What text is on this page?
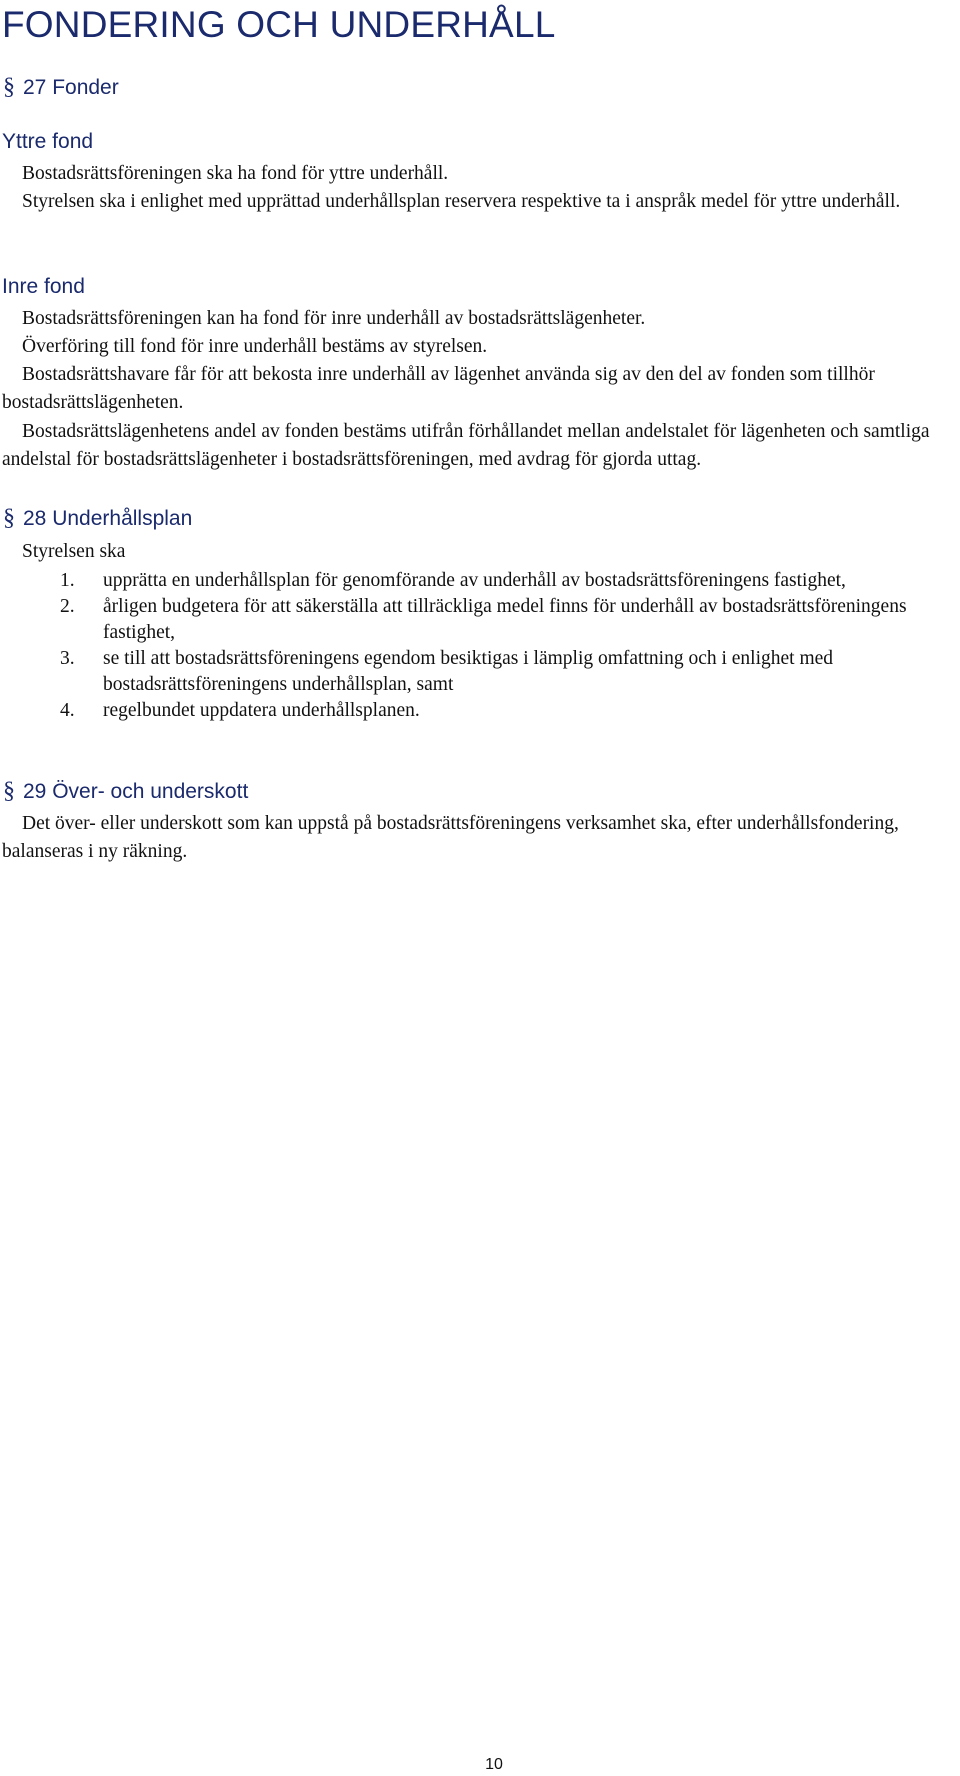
FONDERING OCH UNDERHÅLL
§ 27 Fonder
Yttre fond

Bostadsrättsföreningen ska ha fond för yttre underhåll.

Styrelsen ska i enlighet med upprättad underhållsplan reservera respektive ta i anspråk medel för yttre underhåll.

Inre fond

Bostadsrättsföreningen kan ha fond för inre underhåll av bostadsrättslägenheter.

Överföring till fond för inre underhåll bestäms av styrelsen.

Bostadsrättshavare får för att bekosta inre underhåll av lägenhet använda sig av den del av fonden som tillhör bostadsrättslägenheten.

Bostadsrättslägenhetens andel av fonden bestäms utifrån förhållandet mellan andelstalet för lägenheten och samtliga andelstal för bostadsrättslägenheter i bostadsrättsföreningen, med avdrag för gjorda uttag.

§ 28 Underhållsplan

Styrelsen ska

1. upprätta en underhållsplan för genomförande av underhåll av bostadsrättsföreningens fastighet,
2. årligen budgetera för att säkerställa att tillräckliga medel finns för underhåll av bostadsrättsföreningens fastighet,
3. se till att bostadsrättsföreningens egendom besiktigas i lämplig omfattning och i enlighet med bostadsrättsföreningens underhållsplan, samt
4. regelbundet uppdatera underhållsplanen.
§ 29 Över- och underskott

Det över- eller underskott som kan uppstå på bostadsrättsföreningens verksamhet ska, efter underhållsfondering, balanseras i ny räkning.

10
